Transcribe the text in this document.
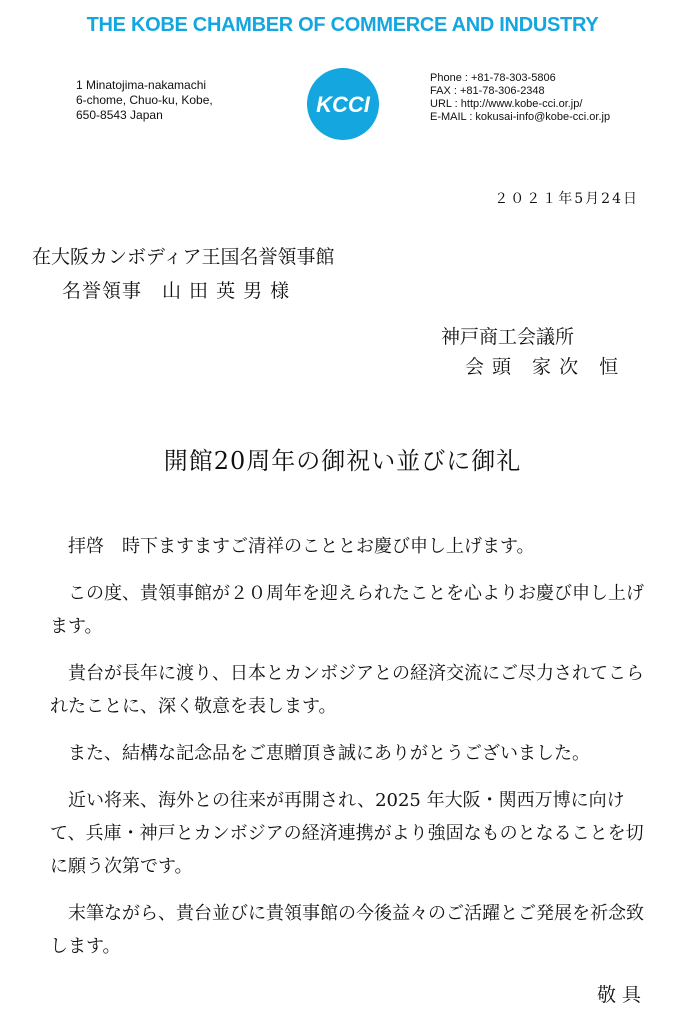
THE KOBE CHAMBER OF COMMERCE AND INDUSTRY
1 Minatojima-nakamachi
6-chome, Chuo-ku, Kobe,
650-8543 Japan	KCCI
Phone : +81-78-303-5806
FAX : +81-78-306-2348
URL : http://www.kobe-cci.or.jp/
E-MAIL : kokusai-info@kobe-cci.or.jp
２０２１年5月24日
在大阪カンボディア王国名誉領事館
名誉領事　山 田 英 男 様
神戸商工会議所
会 頭　家 次　恒
開館20周年の御祝い並びに御礼

拝啓　時下ますますご清祥のこととお慶び申し上げます。

この度、貴領事館が２０周年を迎えられたことを心よりお慶び申し上げます。

貴台が長年に渡り、日本とカンボジアとの経済交流にご尽力されてこられたことに、深く敬意を表します。

また、結構な記念品をご恵贈頂き誠にありがとうございました。

近い将来、海外との往来が再開され、2025 年大阪・関西万博に向けて、兵庫・神戸とカンボジアの経済連携がより強固なものとなることを切に願う次第です。

末筆ながら、貴台並びに貴領事館の今後益々のご活躍とご発展を祈念致します。

敬具
